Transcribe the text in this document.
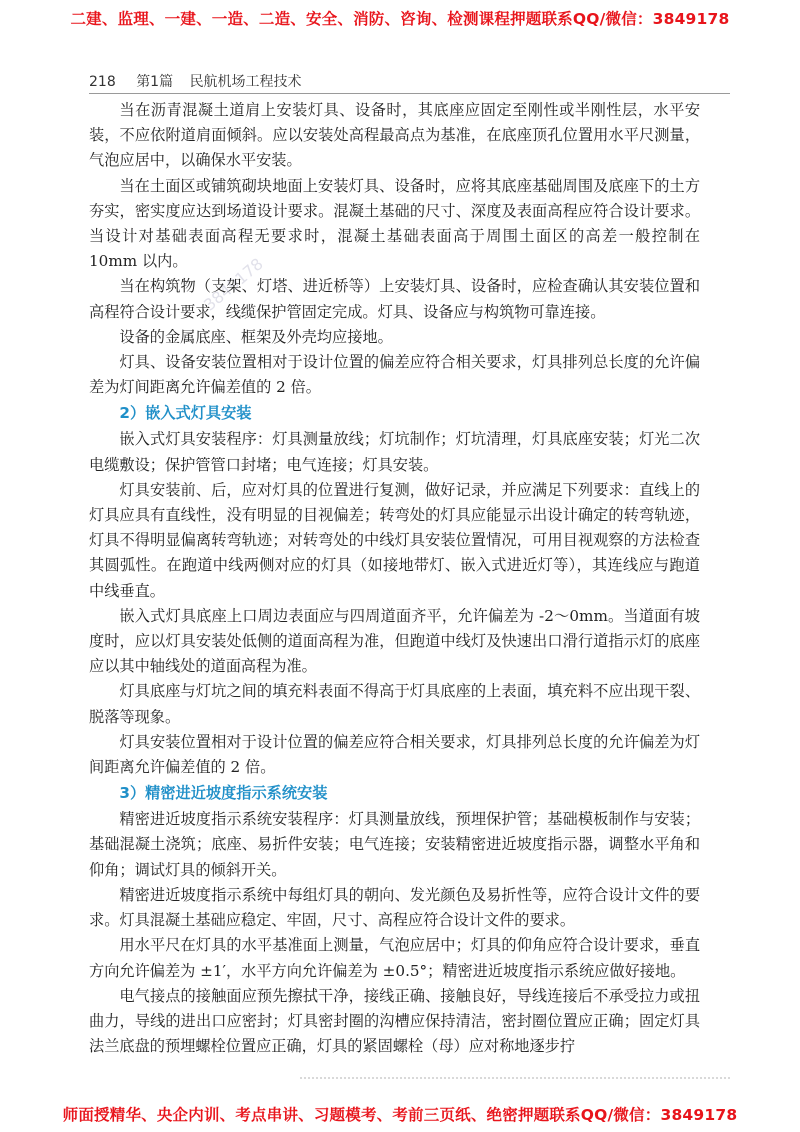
二建、监理、一建、一造、二造、安全、消防、咨询、检测课程押题联系QQ/微信：3849178
218 第1篇 民航机场工程技术
3849178

当在沥青混凝土道肩上安装灯具、设备时，其底座应固定至刚性或半刚性层，水平安装，不应依附道肩面倾斜。应以安装处高程最高点为基准，在底座顶孔位置用水平尺测量，气泡应居中，以确保水平安装。

当在土面区或铺筑砌块地面上安装灯具、设备时，应将其底座基础周围及底座下的土方夯实，密实度应达到场道设计要求。混凝土基础的尺寸、深度及表面高程应符合设计要求。当设计对基础表面高程无要求时，混凝土基础表面高于周围土面区的高差一般控制在 10mm 以内。

当在构筑物（支架、灯塔、进近桥等）上安装灯具、设备时，应检查确认其安装位置和高程符合设计要求，线缆保护管固定完成。灯具、设备应与构筑物可靠连接。

设备的金属底座、框架及外壳均应接地。

灯具、设备安装位置相对于设计位置的偏差应符合相关要求，灯具排列总长度的允许偏差为灯间距离允许偏差值的 2 倍。

2）嵌入式灯具安装

嵌入式灯具安装程序：灯具测量放线；灯坑制作；灯坑清理，灯具底座安装；灯光二次电缆敷设；保护管管口封堵；电气连接；灯具安装。

灯具安装前、后，应对灯具的位置进行复测，做好记录，并应满足下列要求：直线上的灯具应具有直线性，没有明显的目视偏差；转弯处的灯具应能显示出设计确定的转弯轨迹，灯具不得明显偏离转弯轨迹；对转弯处的中线灯具安装位置情况，可用目视观察的方法检查其圆弧性。在跑道中线两侧对应的灯具（如接地带灯、嵌入式进近灯等），其连线应与跑道中线垂直。

嵌入式灯具底座上口周边表面应与四周道面齐平，允许偏差为 -2～0mm。当道面有坡度时，应以灯具安装处低侧的道面高程为准，但跑道中线灯及快速出口滑行道指示灯的底座应以其中轴线处的道面高程为准。

灯具底座与灯坑之间的填充料表面不得高于灯具底座的上表面，填充料不应出现干裂、脱落等现象。

灯具安装位置相对于设计位置的偏差应符合相关要求，灯具排列总长度的允许偏差为灯间距离允许偏差值的 2 倍。

3）精密进近坡度指示系统安装

精密进近坡度指示系统安装程序：灯具测量放线，预埋保护管；基础模板制作与安装；基础混凝土浇筑；底座、易折件安装；电气连接；安装精密进近坡度指示器，调整水平角和仰角；调试灯具的倾斜开关。

精密进近坡度指示系统中每组灯具的朝向、发光颜色及易折性等，应符合设计文件的要求。灯具混凝土基础应稳定、牢固，尺寸、高程应符合设计文件的要求。

用水平尺在灯具的水平基准面上测量，气泡应居中；灯具的仰角应符合设计要求，垂直方向允许偏差为 ±1′，水平方向允许偏差为 ±0.5°；精密进近坡度指示系统应做好接地。

电气接点的接触面应预先擦拭干净，接线正确、接触良好，导线连接后不承受拉力或扭曲力，导线的进出口应密封；灯具密封圈的沟槽应保持清洁，密封圈位置应正确；固定灯具法兰底盘的预埋螺栓位置应正确，灯具的紧固螺栓（母）应对称地逐步拧

师面授精华、央企内训、考点串讲、习题模考、考前三页纸、绝密押题联系QQ/微信：3849178
